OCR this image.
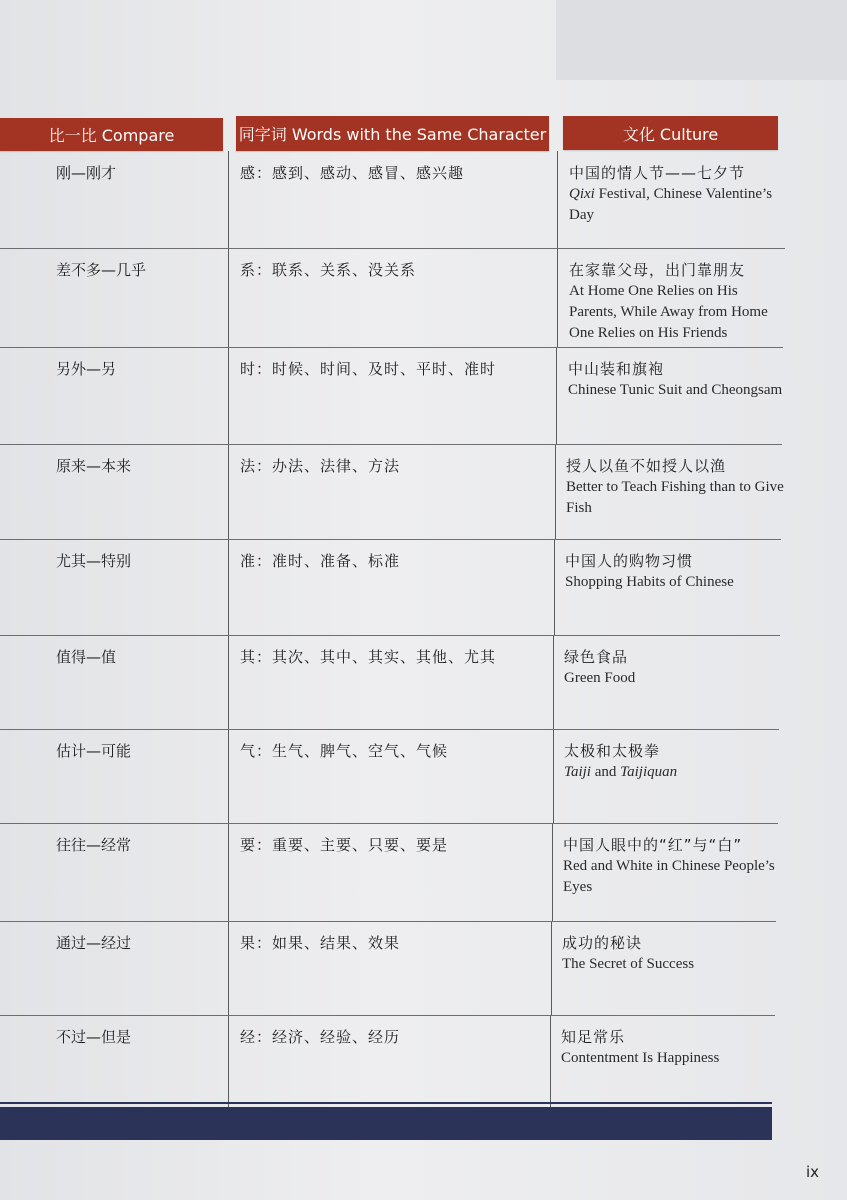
比一比 Compare	同字词 Words with the Same Character	文化 Culture
刚—刚才	感：感到、感动、感冒、感兴趣	中国的情人节——七夕节
Qixi Festival, Chinese Valentine’s Day
差不多—几乎	系：联系、关系、没关系	在家靠父母，出门靠朋友
At Home One Relies on His Parents, While Away from Home One Relies on His Friends
另外—另	时：时候、时间、及时、平时、准时	中山装和旗袍
Chinese Tunic Suit and Cheongsam
原来—本来	法：办法、法律、方法	授人以鱼不如授人以渔
Better to Teach Fishing than to Give Fish
尤其—特别	准：准时、准备、标准	中国人的购物习惯
Shopping Habits of Chinese
值得—值	其：其次、其中、其实、其他、尤其	绿色食品
Green Food
估计—可能	气：生气、脾气、空气、气候	太极和太极拳
Taiji and Taijiquan
往往—经常	要：重要、主要、只要、要是	中国人眼中的“红”与“白”
Red and White in Chinese People’s Eyes
通过—经过	果：如果、结果、效果	成功的秘诀
The Secret of Success
不过—但是	经：经济、经验、经历	知足常乐
Contentment Is Happiness
ix
